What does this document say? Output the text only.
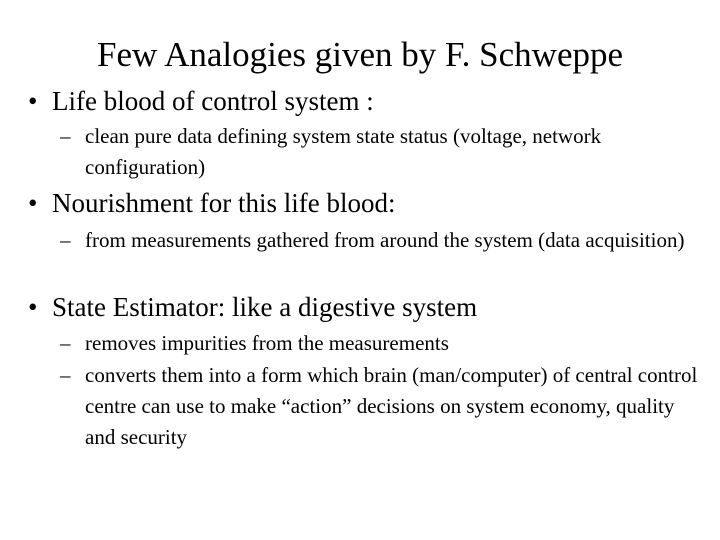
Few Analogies given by F. Schweppe
• Life blood of control system :
– clean pure data defining system state status (voltage, network configuration)
• Nourishment for this life blood:
– from measurements gathered from around the system (data acquisition)
• State Estimator: like a digestive system
– removes impurities from the measurements
– converts them into a form which brain (man/computer) of central control centre can use to make “action” decisions on system economy, quality and security
